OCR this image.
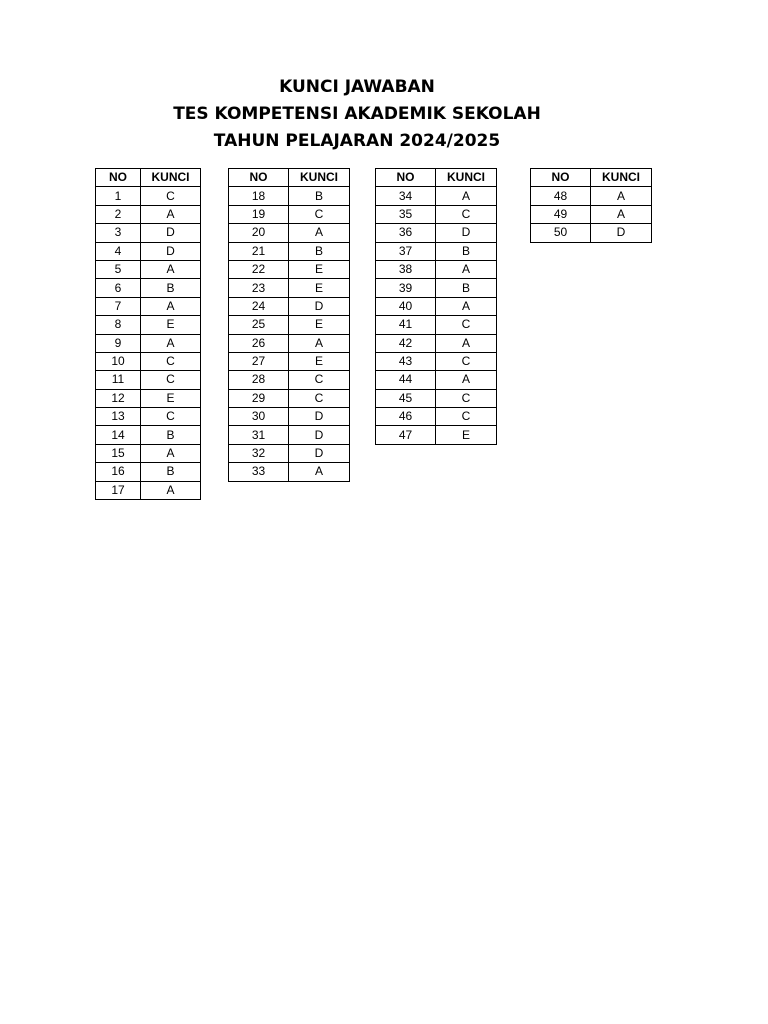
KUNCI JAWABAN

TES KOMPETENSI AKADEMIK SEKOLAH

TAHUN PELAJARAN 2024/2025

NO	KUNCI
1	C
2	A
3	D
4	D
5	A
6	B
7	A
8	E
9	A
10	C
11	C
12	E
13	C
14	B
15	A
16	B
17	A
NO	KUNCI
18	B
19	C
20	A
21	B
22	E
23	E
24	D
25	E
26	A
27	E
28	C
29	C
30	D
31	D
32	D
33	A
NO	KUNCI
34	A
35	C
36	D
37	B
38	A
39	B
40	A
41	C
42	A
43	C
44	A
45	C
46	C
47	E
NO	KUNCI
48	A
49	A
50	D
